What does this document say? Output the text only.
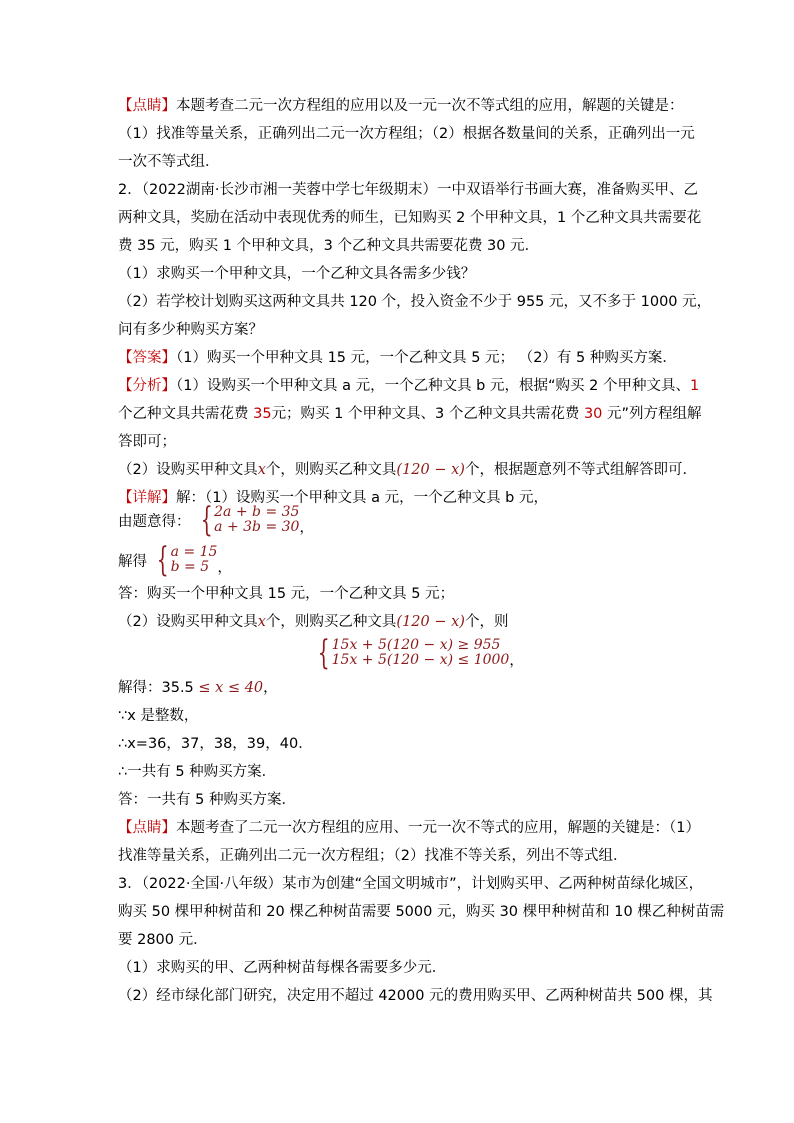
【点睛】本题考查二元一次方程组的应用以及一元一次不等式组的应用，解题的关键是：
（1）找准等量关系，正确列出二元一次方程组；（2）根据各数量间的关系，正确列出一元
一次不等式组．
2．（2022湖南·长沙市湘一芙蓉中学七年级期末）一中双语举行书画大赛，准备购买甲、乙
两种文具，奖励在活动中表现优秀的师生，已知购买 2 个甲种文具，1 个乙种文具共需要花
费 35 元，购买 1 个甲种文具，3 个乙种文具共需要花费 30 元．
（1）求购买一个甲种文具，一个乙种文具各需多少钱？
（2）若学校计划购买这两种文具共 120 个，投入资金不少于 955 元，又不多于 1000 元，
问有多少种购买方案？
【答案】（1）购买一个甲种文具 15 元，一个乙种文具 5 元； （2）有 5 种购买方案．
【分析】（1）设购买一个甲种文具 a 元，一个乙种文具 b 元，根据“购买 2 个甲种文具、1
个乙种文具共需花费 35元；购买 1 个甲种文具、3 个乙种文具共需花费 30 元”列方程组解
答即可；
（2）设购买甲种文具x个，则购买乙种文具(120 − x)个，根据题意列不等式组解答即可．
【详解】解：（1）设购买一个甲种文具 a 元，一个乙种文具 b 元，
由题意得： { 2a + b = 35
a + 3b = 30 ，
解得 { a = 15
b = 5 ，
答：购买一个甲种文具 15 元，一个乙种文具 5 元；
（2）设购买甲种文具x个，则购买乙种文具(120 − x)个，则
{ 15x + 5(120 − x) ≥ 955
15x + 5(120 − x) ≤ 1000 ，
解得：35.5 ≤ x ≤ 40，
∵x 是整数，
∴x=36，37，38，39，40．
∴一共有 5 种购买方案．
答：一共有 5 种购买方案．
【点睛】本题考查了二元一次方程组的应用、一元一次不等式的应用，解题的关键是：（1）
找准等量关系，正确列出二元一次方程组；（2）找准不等关系，列出不等式组．
3．（2022·全国·八年级）某市为创建“全国文明城市”，计划购买甲、乙两种树苗绿化城区，
购买 50 棵甲种树苗和 20 棵乙种树苗需要 5000 元，购买 30 棵甲种树苗和 10 棵乙种树苗需
要 2800 元．
（1）求购买的甲、乙两种树苗每棵各需要多少元．
（2）经市绿化部门研究，决定用不超过 42000 元的费用购买甲、乙两种树苗共 500 棵，其
